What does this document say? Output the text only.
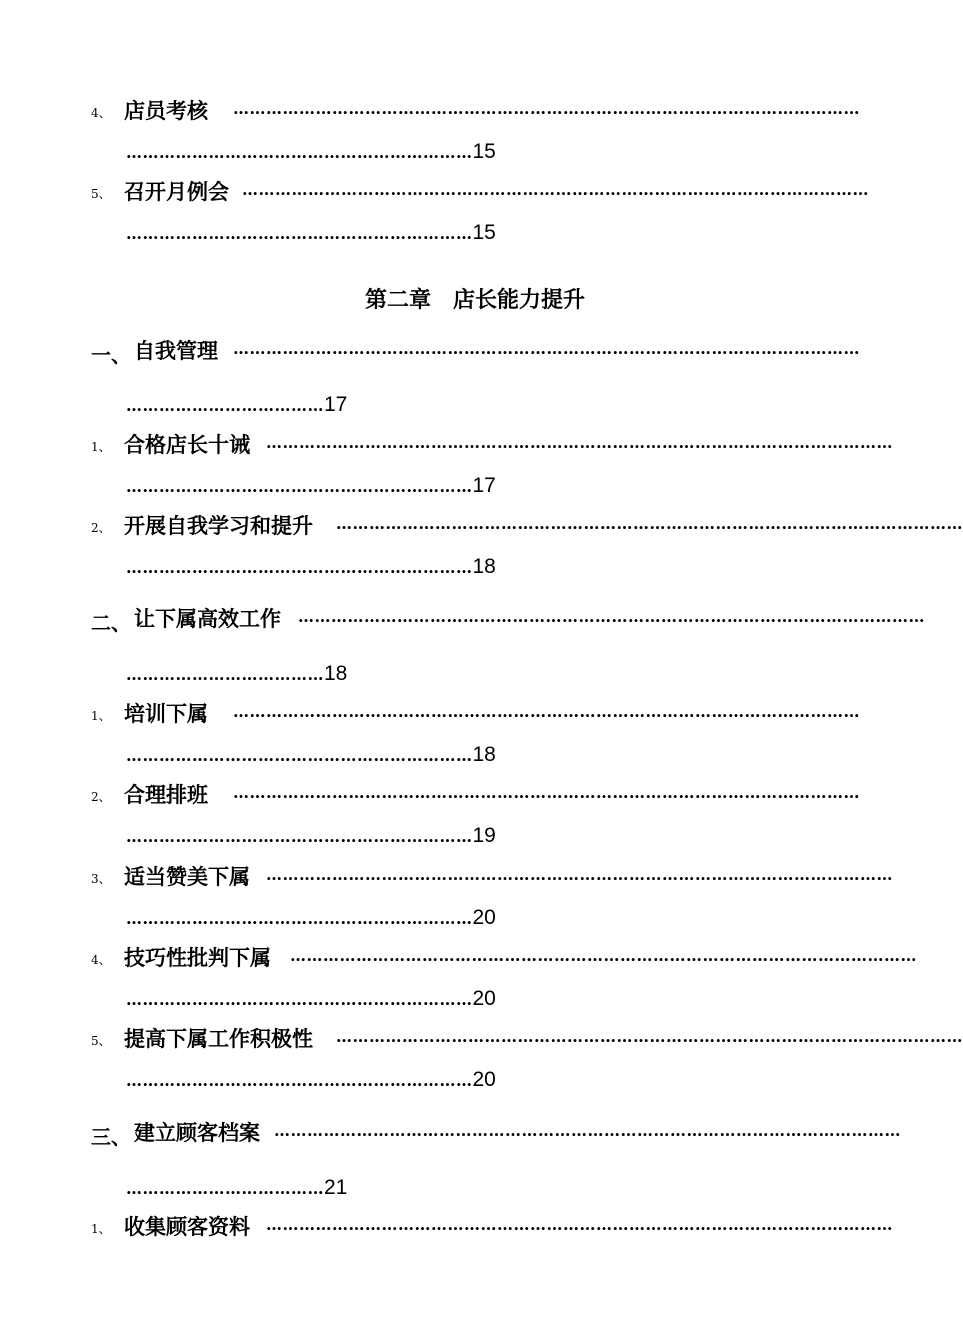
4、 店员考核	……………………………………………………………………………………………………
………………………………………………………15
5、 召开月例会 ……………………………………………………………………………………………………
………………………………………………………15
第二章　店长能力提升
一、 自我管理 ……………………………………………………………………………………………………
………………………………17
1、 合格店长十诫 ……………………………………………………………………………………………………
………………………………………………………17
2、 开展自我学习和提升 ……………………………………………………………………………………………………
………………………………………………………18
二、 让下属高效工作 ……………………………………………………………………………………………………
………………………………18
1、 培训下属	……………………………………………………………………………………………………
………………………………………………………18
2、 合理排班	……………………………………………………………………………………………………
………………………………………………………19
3、 适当赞美下属 ……………………………………………………………………………………………………
………………………………………………………20
4、 技巧性批判下属 ……………………………………………………………………………………………………
………………………………………………………20
5、 提高下属工作积极性 ……………………………………………………………………………………………………
………………………………………………………20
三、 建立顾客档案 ……………………………………………………………………………………………………
………………………………21
1、 收集顾客资料 ……………………………………………………………………………………………………
